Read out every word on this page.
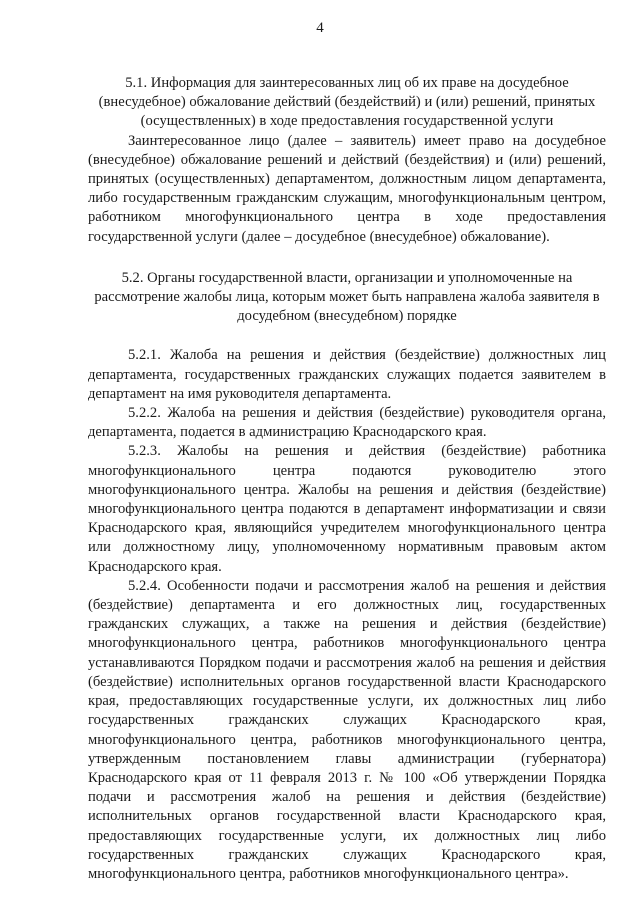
4

5.1. Информация для заинтересованных лиц об их праве на досудебное (внесудебное) обжалование действий (бездействий) и (или) решений, принятых (осуществленных) в ходе предоставления государственной услуги

Заинтересованное лицо (далее – заявитель) имеет право на досудебное (внесудебное) обжалование решений и действий (бездействия) и (или) решений, принятых (осуществленных) департаментом, должностным лицом департамента, либо государственным гражданским служащим, многофункциональным центром, работником многофункционального центра в ходе предоставления государственной услуги (далее – досудебное (внесудебное) обжалование).

5.2. Органы государственной власти, организации и уполномоченные на рассмотрение жалобы лица, которым может быть направлена жалоба заявителя в досудебном (внесудебном) порядке

5.2.1. Жалоба на решения и действия (бездействие) должностных лиц департамента, государственных гражданских служащих подается заявителем в департамент на имя руководителя департамента.

5.2.2. Жалоба на решения и действия (бездействие) руководителя органа, департамента, подается в администрацию Краснодарского края.

5.2.3. Жалобы на решения и действия (бездействие) работника многофункционального центра подаются руководителю этого многофункционального центра. Жалобы на решения и действия (бездействие) многофункционального центра подаются в департамент информатизации и связи Краснодарского края, являющийся учредителем многофункционального центра или должностному лицу, уполномоченному нормативным правовым актом Краснодарского края.

5.2.4. Особенности подачи и рассмотрения жалоб на решения и действия (бездействие) департамента и его должностных лиц, государственных гражданских служащих, а также на решения и действия (бездействие) многофункционального центра, работников многофункционального центра устанавливаются Порядком подачи и рассмотрения жалоб на решения и действия (бездействие) исполнительных органов государственной власти Краснодарского края, предоставляющих государственные услуги, их должностных лиц либо государственных гражданских служащих Краснодарского края, многофункционального центра, работников многофункционального центра, утвержденным постановлением главы администрации (губернатора) Краснодарского края от 11 февраля 2013 г. № 100 «Об утверждении Порядка подачи и рассмотрения жалоб на решения и действия (бездействие) исполнительных органов государственной власти Краснодарского края, предоставляющих государственные услуги, их должностных лиц либо государственных гражданских служащих Краснодарского края, многофункционального центра, работников многофункционального центра».
